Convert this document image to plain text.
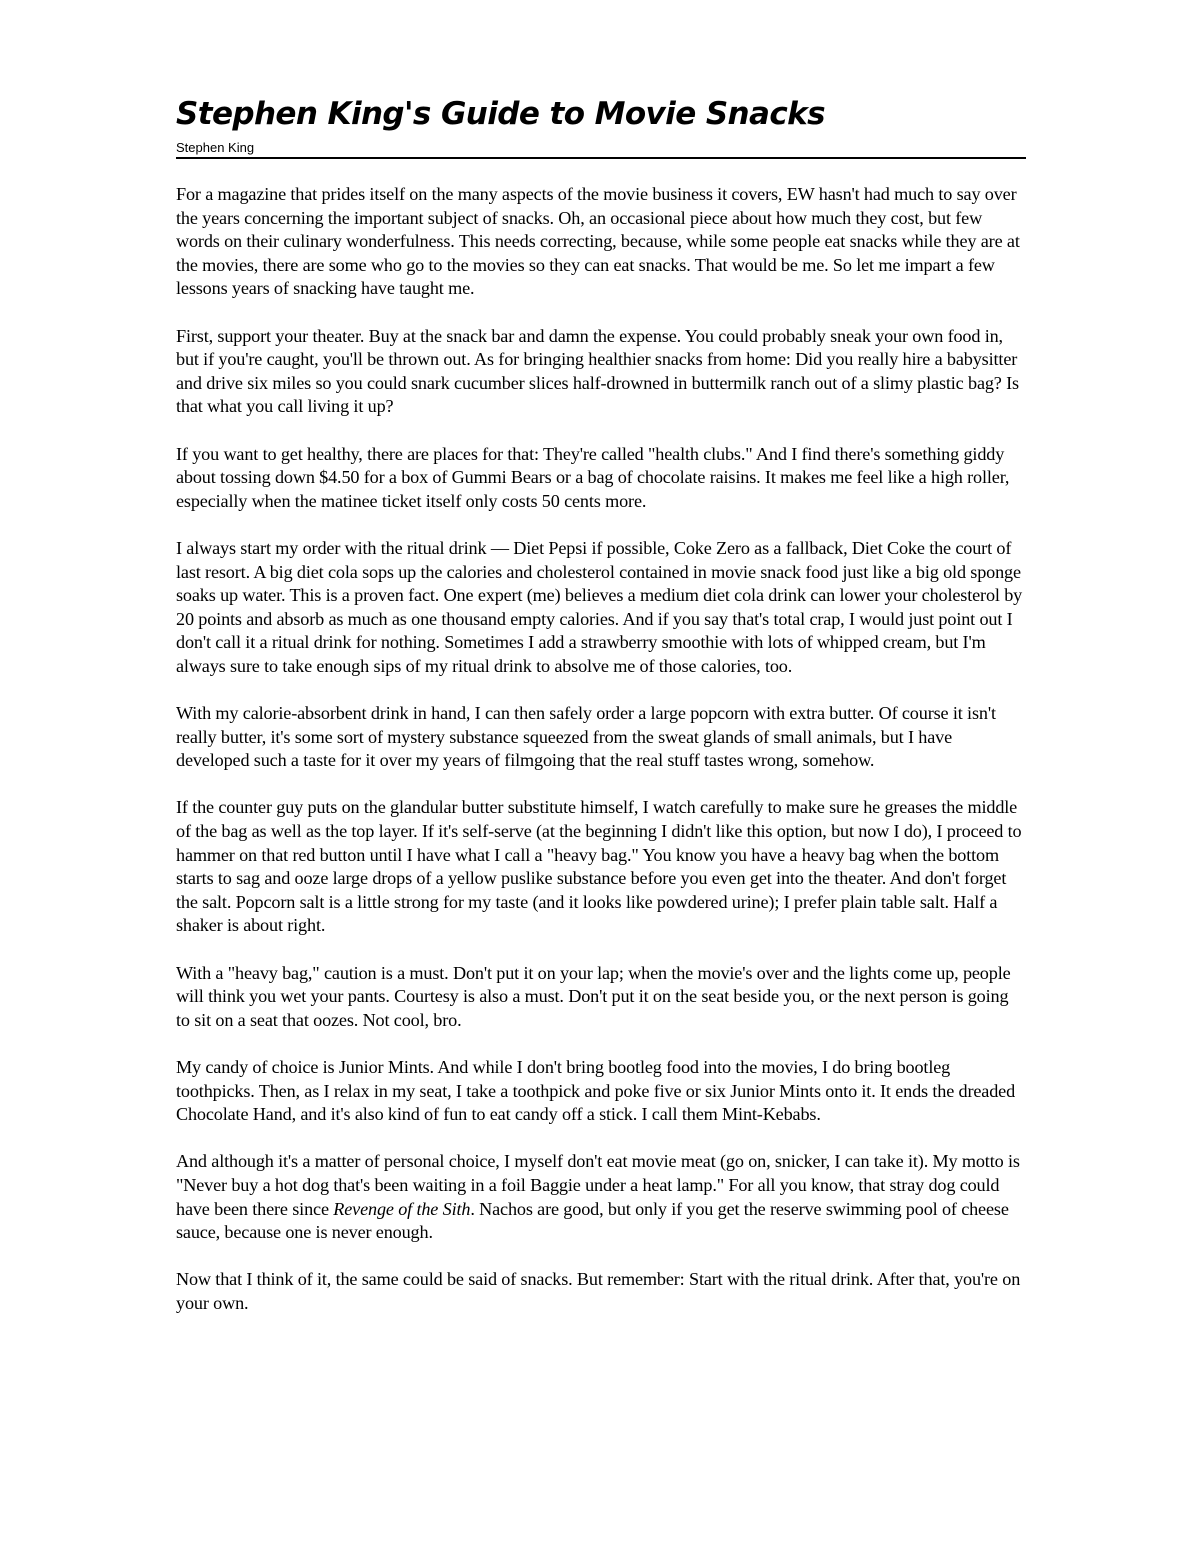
Stephen King's Guide to Movie Snacks
Stephen King

For a magazine that prides itself on the many aspects of the movie business it covers, EW hasn't had much to say over the years concerning the important subject of snacks. Oh, an occasional piece about how much they cost, but few words on their culinary wonderfulness. This needs correcting, because, while some people eat snacks while they are at the movies, there are some who go to the movies so they can eat snacks. That would be me. So let me impart a few lessons years of snacking have taught me.

First, support your theater. Buy at the snack bar and damn the expense. You could probably sneak your own food in, but if you're caught, you'll be thrown out. As for bringing healthier snacks from home: Did you really hire a babysitter and drive six miles so you could snark cucumber slices half-drowned in buttermilk ranch out of a slimy plastic bag? Is that what you call living it up?

If you want to get healthy, there are places for that: They're called "health clubs." And I find there's something giddy about tossing down $4.50 for a box of Gummi Bears or a bag of chocolate raisins. It makes me feel like a high roller, especially when the matinee ticket itself only costs 50 cents more.

I always start my order with the ritual drink — Diet Pepsi if possible, Coke Zero as a fallback, Diet Coke the court of last resort. A big diet cola sops up the calories and cholesterol contained in movie snack food just like a big old sponge soaks up water. This is a proven fact. One expert (me) believes a medium diet cola drink can lower your cholesterol by 20 points and absorb as much as one thousand empty calories. And if you say that's total crap, I would just point out I don't call it a ritual drink for nothing. Sometimes I add a strawberry smoothie with lots of whipped cream, but I'm always sure to take enough sips of my ritual drink to absolve me of those calories, too.

With my calorie-absorbent drink in hand, I can then safely order a large popcorn with extra butter. Of course it isn't really butter, it's some sort of mystery substance squeezed from the sweat glands of small animals, but I have developed such a taste for it over my years of filmgoing that the real stuff tastes wrong, somehow.

If the counter guy puts on the glandular butter substitute himself, I watch carefully to make sure he greases the middle of the bag as well as the top layer. If it's self-serve (at the beginning I didn't like this option, but now I do), I proceed to hammer on that red button until I have what I call a "heavy bag." You know you have a heavy bag when the bottom starts to sag and ooze large drops of a yellow puslike substance before you even get into the theater. And don't forget the salt. Popcorn salt is a little strong for my taste (and it looks like powdered urine); I prefer plain table salt. Half a shaker is about right.

With a "heavy bag," caution is a must. Don't put it on your lap; when the movie's over and the lights come up, people will think you wet your pants. Courtesy is also a must. Don't put it on the seat beside you, or the next person is going to sit on a seat that oozes. Not cool, bro.

My candy of choice is Junior Mints. And while I don't bring bootleg food into the movies, I do bring bootleg toothpicks. Then, as I relax in my seat, I take a toothpick and poke five or six Junior Mints onto it. It ends the dreaded Chocolate Hand, and it's also kind of fun to eat candy off a stick. I call them Mint-Kebabs.

And although it's a matter of personal choice, I myself don't eat movie meat (go on, snicker, I can take it). My motto is "Never buy a hot dog that's been waiting in a foil Baggie under a heat lamp." For all you know, that stray dog could have been there since Revenge of the Sith. Nachos are good, but only if you get the reserve swimming pool of cheese sauce, because one is never enough.

Now that I think of it, the same could be said of snacks. But remember: Start with the ritual drink. After that, you're on your own.
